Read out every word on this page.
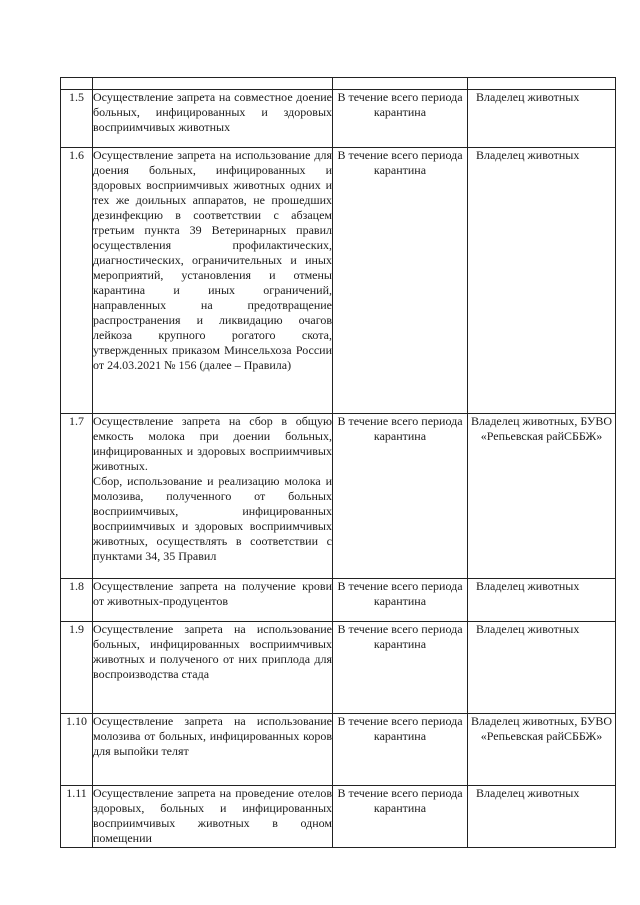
1.5	Осуществление запрета на совместное доение больных, инфицированных и здоровых восприимчивых животных	В течение всего периода карантина	Владелец животных
1.6	Осуществление запрета на использование для доения больных, инфицированных и здоровых восприимчивых животных одних и тех же доильных аппаратов, не прошедших дезинфекцию в соответствии с абзацем третьим пункта 39 Ветеринарных правил осуществления профилактических, диагностических, ограничительных и иных мероприятий, установления и отмены карантина и иных ограничений, направленных на предотвращение распространения и ликвидацию очагов лейкоза крупного рогатого скота, утвержденных приказом Минсельхоза России от 24.03.2021 № 156 (далее – Правила)	В течение всего периода карантина	Владелец животных
1.7	Осуществление запрета на сбор в общую емкость молока при доении больных, инфицированных и здоровых восприимчивых животных.
Сбор, использование и реализацию молока и молозива, полученного от больных восприимчивых, инфицированных восприимчивых и здоровых восприимчивых животных, осуществлять в соответствии с пунктами 34, 35 Правил	В течение всего периода карантина	Владелец животных, БУВО «Репьевская райСББЖ»
1.8	Осуществление запрета на получение крови от животных-продуцентов	В течение всего периода карантина	Владелец животных
1.9	Осуществление запрета на использование больных, инфицированных восприимчивых животных и полученого от них приплода для воспроизводства стада	В течение всего периода карантина	Владелец животных
1.10	Осуществление запрета на использование молозива от больных, инфицированных коров для выпойки телят	В течение всего периода карантина	Владелец животных, БУВО «Репьевская райСББЖ»
1.11	Осуществление запрета на проведение отелов здоровых, больных и инфицированных восприимчивых животных в одном помещении	В течение всего периода карантина	Владелец животных
